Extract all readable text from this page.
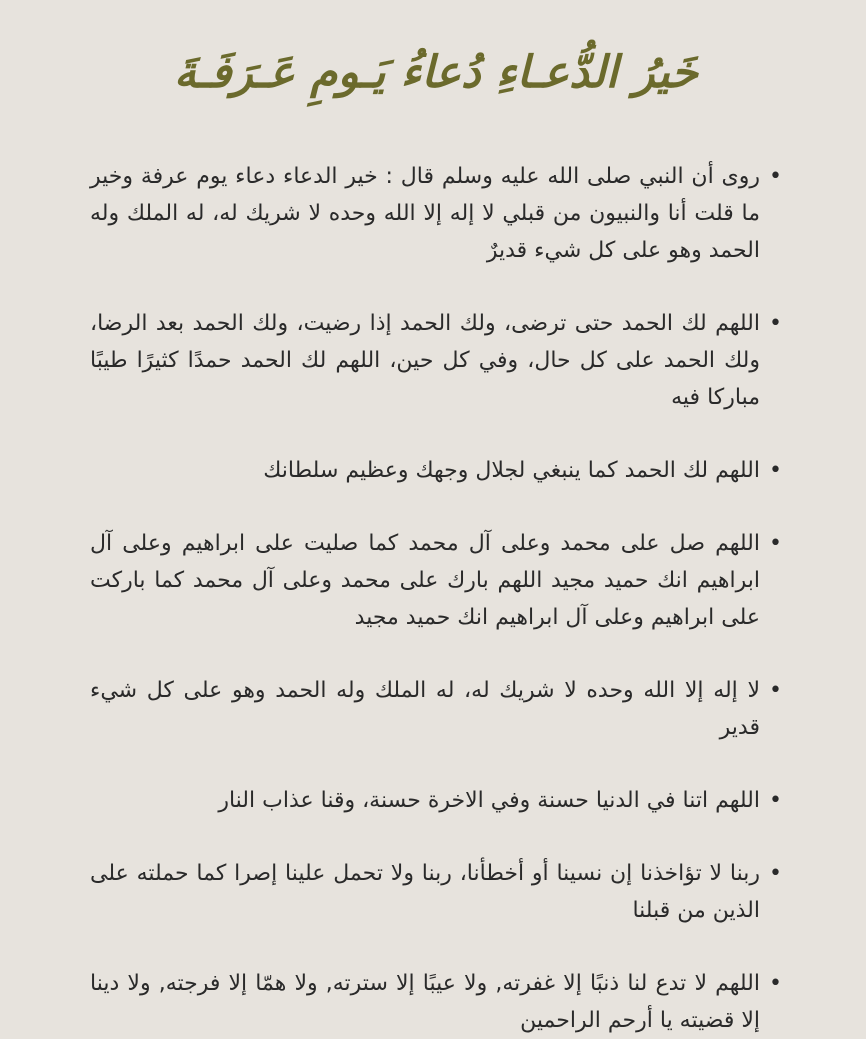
خَيرُ الدُّعـاءِ دُعاءُ يَـومِ عَـرَفَـةَ
•
روى أن النبي صلى الله عليه وسلم قال : خير الدعاء دعاء يوم عرفة وخير ما قلت أنا والنبيون من قبلي لا إله إلا الله وحده لا شريك له، له الملك وله الحمد وهو على كل شيء قديرٌ
•
اللهم لك الحمد حتى ترضى، ولك الحمد إذا رضيت، ولك الحمد بعد الرضا، ولك الحمد على كل حال، وفي كل حين، اللهم لك الحمد حمدًا كثيرًا طيبًا مباركا فيه
•
اللهم لك الحمد كما ينبغي لجلال وجهك وعظيم سلطانك
•
اللهم صل على محمد وعلى آل محمد كما صليت على ابراهيم وعلى آل ابراهيم انك حميد مجيد اللهم بارك على محمد وعلى آل محمد كما باركت على ابراهيم وعلى آل ابراهيم انك حميد مجيد
•
لا إله إلا الله وحده لا شريك له، له الملك وله الحمد وهو على كل شيء قدير
•
اللهم اتنا في الدنيا حسنة وفي الاخرة حسنة، وقنا عذاب النار
•
ربنا لا تؤاخذنا إن نسينا أو أخطأنا، ربنا ولا تحمل علينا إصرا كما حملته على الذين من قبلنا
•
اللهم لا تدع لنا ذنبًا إلا غفرته, ولا عيبًا إلا سترته, ولا همّا إلا فرجته, ولا دينا إلا قضيته يا أرحم الراحمين
